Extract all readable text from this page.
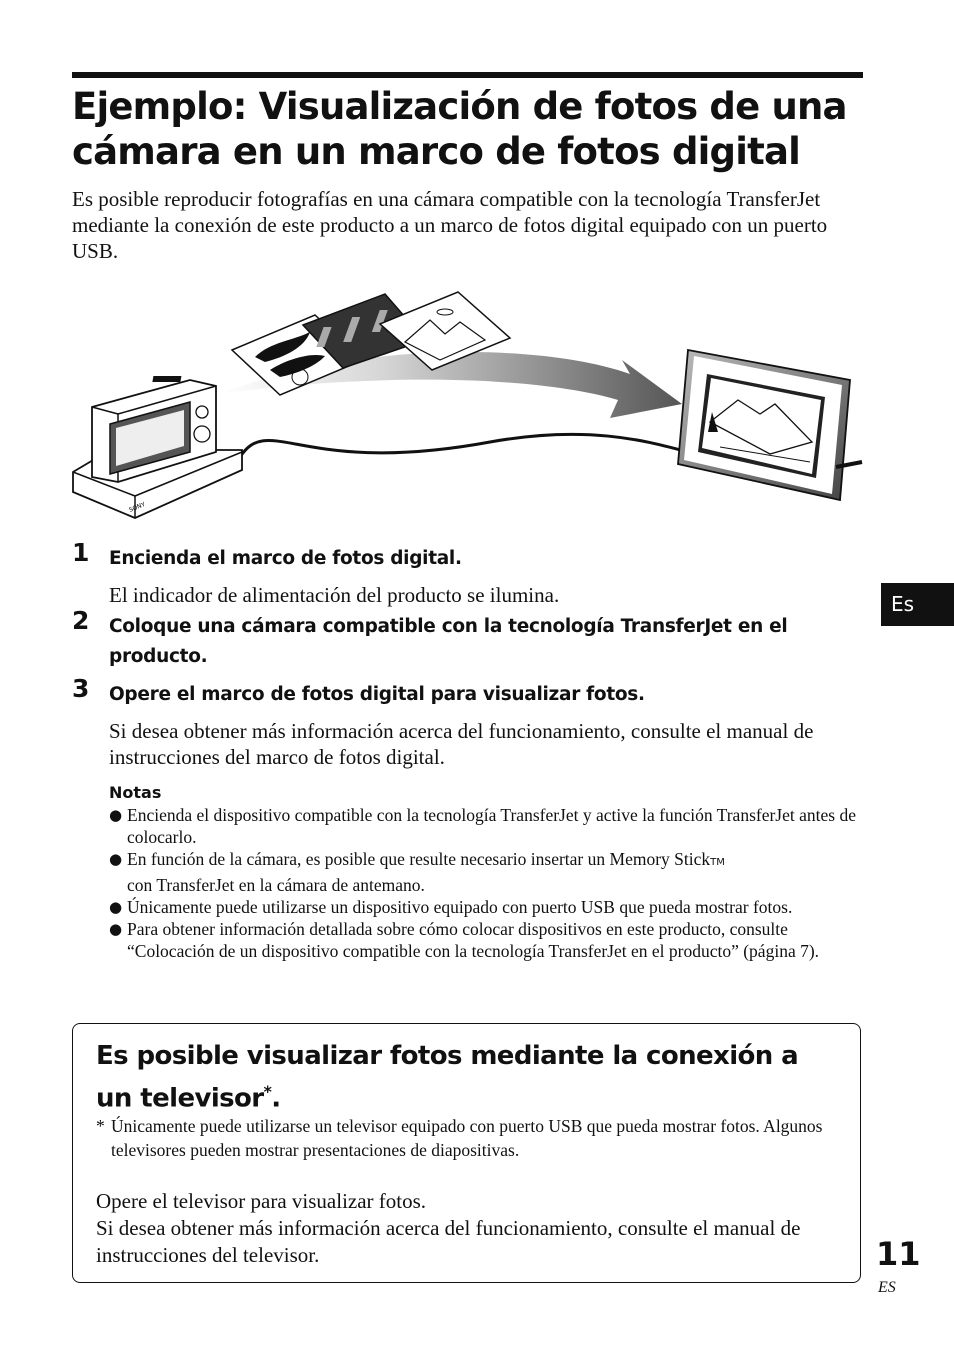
Ejemplo: Visualización de fotos de una cámara en un marco de fotos digital

Es posible reproducir fotografías en una cámara compatible con la tecnología TransferJet mediante la conexión de este producto a un marco de fotos digital equipado con un puerto USB.

SONY
1 Encienda el marco de fotos digital.
El indicador de alimentación del producto se ilumina.
2 Coloque una cámara compatible con la tecnología TransferJet en el producto.
3 Opere el marco de fotos digital para visualizar fotos.
Si desea obtener más información acerca del funcionamiento, consulte el manual de instrucciones del marco de fotos digital.
Notas
● Encienda el dispositivo compatible con la tecnología TransferJet y active la función TransferJet antes de colocarlo.
● En función de la cámara, es posible que resulte necesario insertar un Memory StickTM
con TransferJet en la cámara de antemano.
● Únicamente puede utilizarse un dispositivo equipado con puerto USB que pueda mostrar fotos.
● Para obtener información detallada sobre cómo colocar dispositivos en este producto, consulte “Colocación de un dispositivo compatible con la tecnología TransferJet en el producto” (página 7).
Es posible visualizar fotos mediante la conexión a un televisor*.
* Únicamente puede utilizarse un televisor equipado con puerto USB que pueda mostrar fotos. Algunos televisores pueden mostrar presentaciones de diapositivas.
Opere el televisor para visualizar fotos.
Si desea obtener más información acerca del funcionamiento, consulte el manual de instrucciones del televisor.
Es
11
ES
